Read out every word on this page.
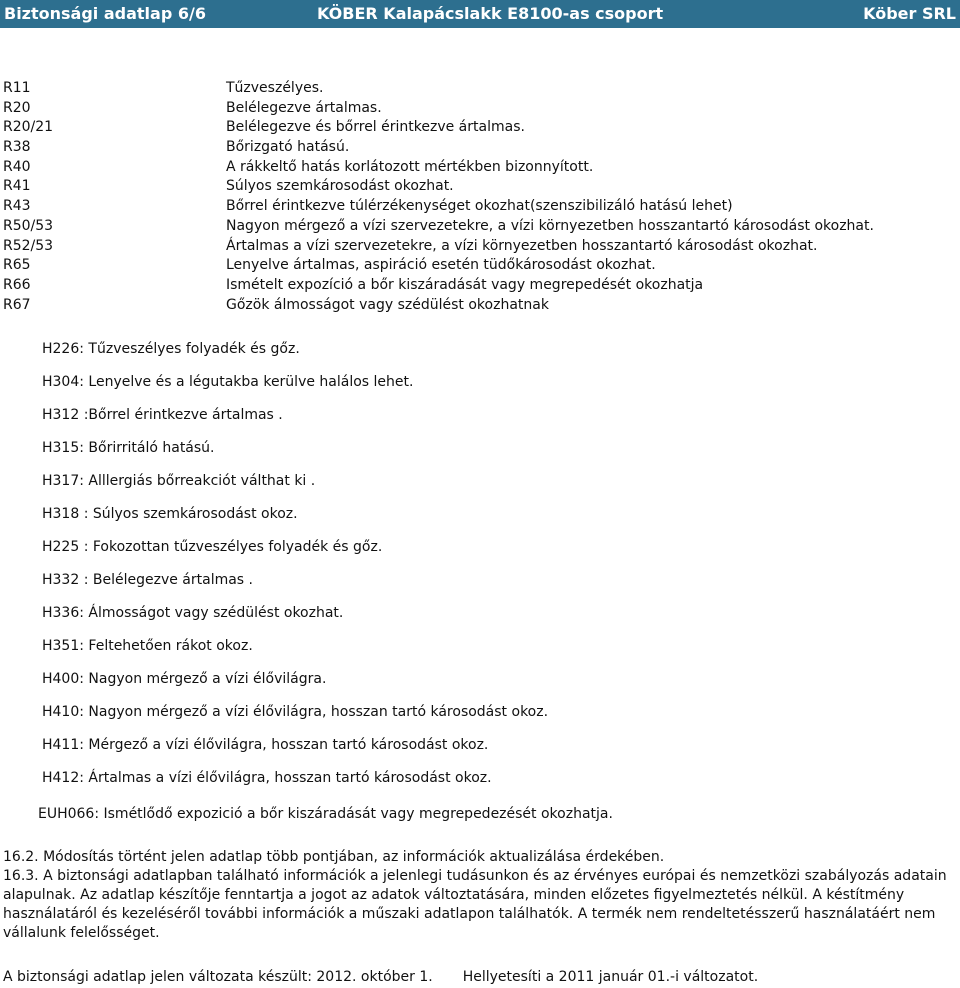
Biztonsági adatlap 6/6	KÖBER Kalapácslakk E8100-as csoport	Köber SRL
R11	Tűzveszélyes.
R20	Belélegezve ártalmas.
R20/21	Belélegezve és bőrrel érintkezve ártalmas.
R38	Bőrizgató hatású.
R40	A rákkeltő hatás korlátozott mértékben bizonnyított.
R41	Súlyos szemkárosodást okozhat.
R43	Bőrrel érintkezve túlérzékenységet okozhat(szenszibilizáló hatású lehet)
R50/53	Nagyon mérgező a vízi szervezetekre, a vízi környezetben hosszantartó károsodást okozhat.
R52/53	Ártalmas a vízi szervezetekre, a vízi környezetben hosszantartó károsodást okozhat.
R65	Lenyelve ártalmas, aspiráció esetén tüdőkárosodást okozhat.
R66	Ismételt expozíció a bőr kiszáradását vagy megrepedését okozhatja
R67	Gőzök álmosságot vagy szédülést okozhatnak
H226: Tűzveszélyes folyadék és gőz.
H304: Lenyelve és a légutakba kerülve halálos lehet.
H312 :Bőrrel érintkezve ártalmas .
H315: Bőrirritáló hatású.
H317: Alllergiás bőrreakciót válthat ki .
H318 : Súlyos szemkárosodást okoz.
H225 : Fokozottan tűzveszélyes folyadék és gőz.
H332 : Belélegezve ártalmas .
H336: Álmosságot vagy szédülést okozhat.
H351: Feltehetően rákot okoz.
H400: Nagyon mérgező a vízi élővilágra.
H410: Nagyon mérgező a vízi élővilágra, hosszan tartó károsodást okoz.
H411: Mérgező a vízi élővilágra, hosszan tartó károsodást okoz.
H412: Ártalmas a vízi élővilágra, hosszan tartó károsodást okoz.
EUH066: Ismétlődő expozició a bőr kiszáradását vagy megrepedezését okozhatja.
16.2. Módosítás történt jelen adatlap több pontjában, az információk aktualizálása érdekében.
16.3. A biztonsági adatlapban található információk a jelenlegi tudásunkon és az érvényes európai és nemzetközi szabályozás adatain alapulnak. Az adatlap készítője fenntartja a jogot az adatok változtatására, minden előzetes figyelmeztetés nélkül. A késtítmény használatáról és kezeléséről további információk a műszaki adatlapon találhatók. A termék nem rendeltetésszerű használatáért nem vállalunk felelősséget.
A biztonsági adatlap jelen változata készült: 2012. október 1. Hellyetesíti a 2011 január 01.-i változatot.
